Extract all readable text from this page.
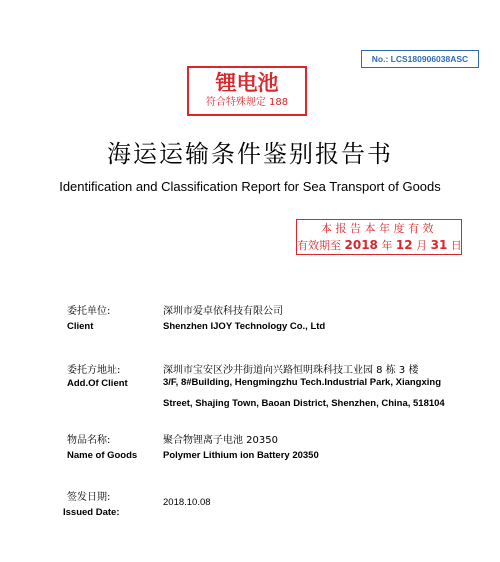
No.: LCS180906038ASC
锂电池
符合特殊规定 188
海运运输条件鉴别报告书
Identification and Classification Report for Sea Transport of Goods
本报告本年度有效
有效期至 2018 年 12 月 31 日
委托单位:
Client
深圳市爱卓依科技有限公司
Shenzhen IJOY Technology Co., Ltd
委托方地址:
Add.Of Client
深圳市宝安区沙井街道向兴路恒明珠科技工业园 8 栋 3 楼
3/F, 8#Building, Hengmingzhu Tech.Industrial Park, Xiangxing
Street, Shajing Town, Baoan District, Shenzhen, China, 518104
物品名称:
Name of Goods
聚合物锂离子电池 20350
Polymer Lithium ion Battery 20350
签发日期:
Issued Date:
2018.10.08
